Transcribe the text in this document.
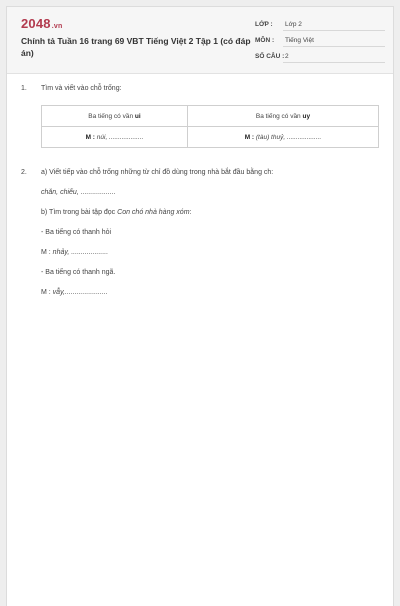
2048.vn
Chính tả Tuần 16 trang 69 VBT Tiếng Việt 2 Tập 1 (có đáp án)
LỚP : Lớp 2
MÔN : Tiếng Việt
SỐ CÂU : 2
1. Tìm và viết vào chỗ trống:
Ba tiếng có vần ui	Ba tiếng có vần uy
M : núi, ...................	M : (tàu) thuỷ, ...................
2. a) Viết tiếp vào chỗ trống những từ chỉ đồ dùng trong nhà bắt đầu bằng ch:
chăn, chiếu, ..................
b) Tìm trong bài tập đọc Con chó nhà hàng xóm:
- Ba tiếng có thanh hỏi
M : nhảy, ...................
- Ba tiếng có thanh ngã.
M : vẫy,......................
